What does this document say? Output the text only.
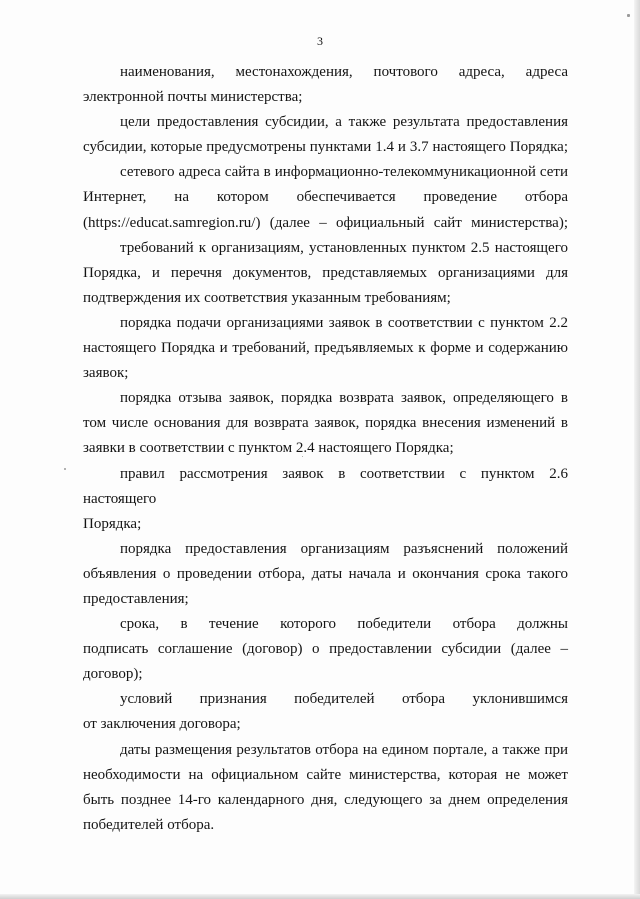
3

наименования, местонахождения, почтового адреса, адреса
электронной почты министерства;

цели предоставления субсидии, а также результата предоставления
субсидии, которые предусмотрены пунктами 1.4 и 3.7 настоящего Порядка;

сетевого адреса сайта в информационно-телекоммуникационной сети
Интернет, на котором обеспечивается проведение отбора
(https://educat.samregion.ru/) (далее – официальный сайт министерства);

требований к организациям, установленных пунктом 2.5 настоящего
Порядка, и перечня документов, представляемых организациями для
подтверждения их соответствия указанным требованиям;

порядка подачи организациями заявок в соответствии с пунктом 2.2
настоящего Порядка и требований, предъявляемых к форме и содержанию
заявок;

порядка отзыва заявок, порядка возврата заявок, определяющего в
том числе основания для возврата заявок, порядка внесения изменений в
заявки в соответствии с пунктом 2.4 настоящего Порядка;

правил рассмотрения заявок в соответствии с пунктом 2.6 настоящего
Порядка;

порядка предоставления организациям разъяснений положений
объявления о проведении отбора, даты начала и окончания срока такого
предоставления;

срока, в течение которого победители отбора должны
подписать соглашение (договор) о предоставлении субсидии (далее –
договор);

условий признания победителей отбора уклонившимся
от заключения договора;

даты размещения результатов отбора на едином портале, а также при
необходимости на официальном сайте министерства, которая не может
быть позднее 14-го календарного дня, следующего за днем определения
победителей отбора.
